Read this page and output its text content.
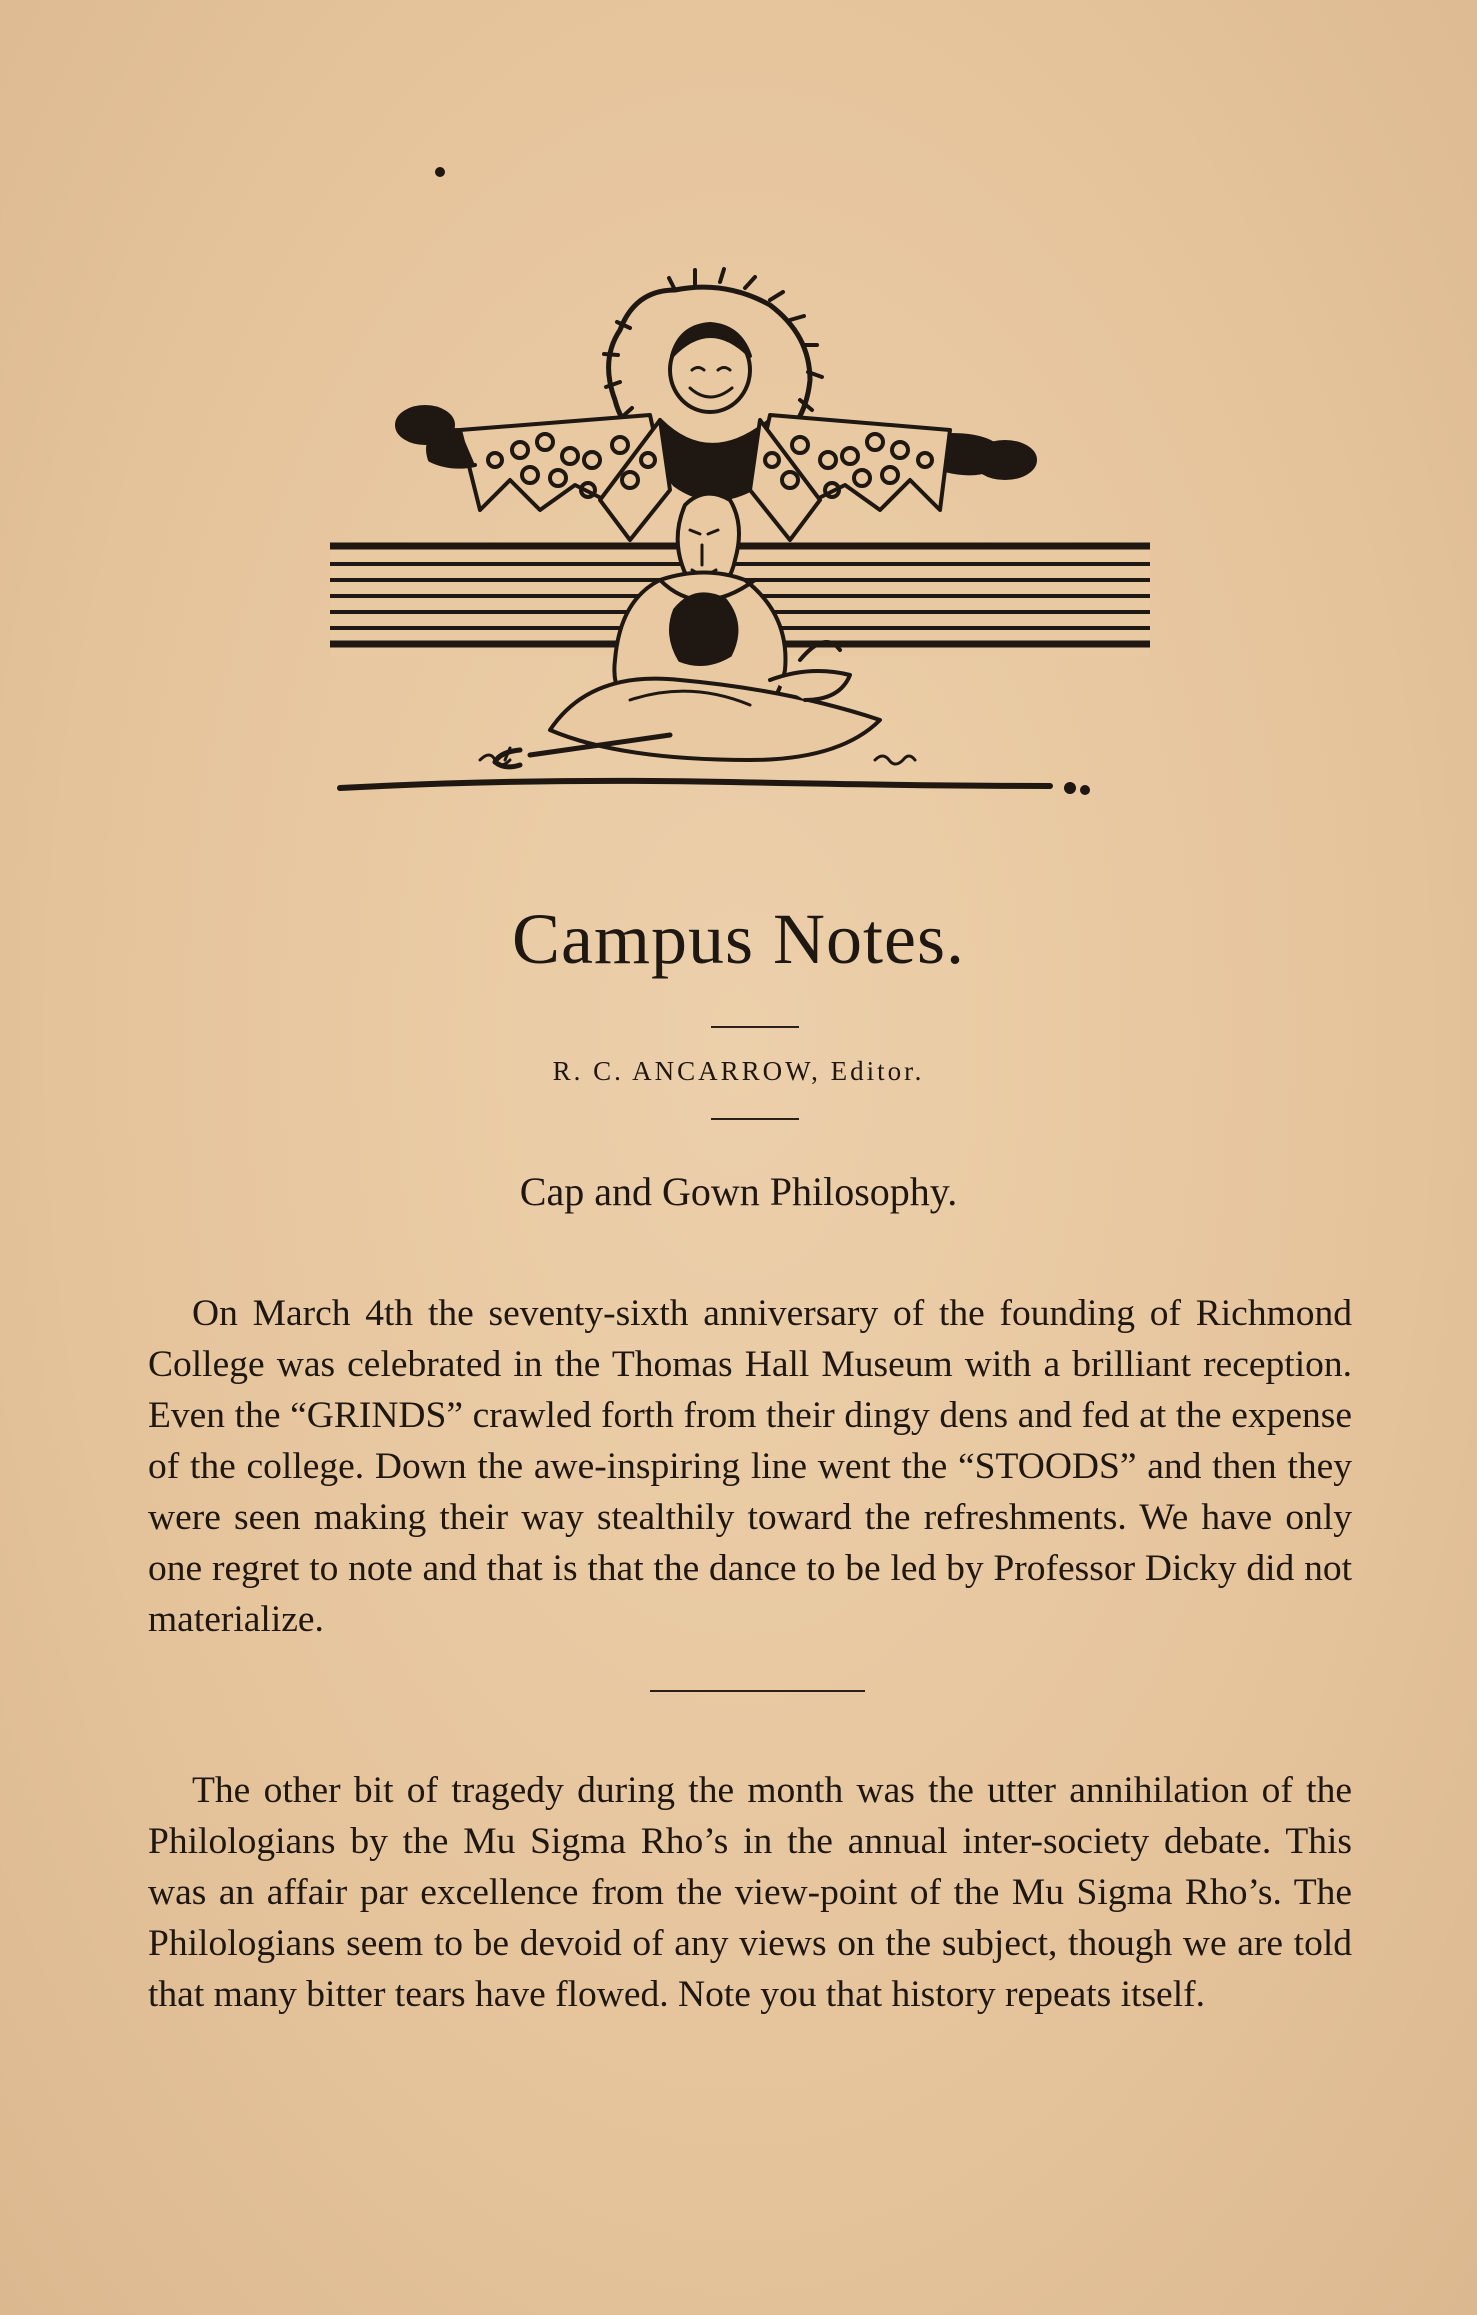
Campus Notes.
R. C. ANCARROW, Editor.
Cap and Gown Philosophy.

On March 4th the seventy-sixth anniversary of the founding of Richmond College was celebrated in the Thomas Hall Museum with a brilliant reception. Even the “GRINDS” crawled forth from their dingy dens and fed at the expense of the college. Down the awe-inspiring line went the “STOODS” and then they were seen making their way stealthily toward the refreshments. We have only one regret to note and that is that the dance to be led by Professor Dicky did not materialize.

The other bit of tragedy during the month was the utter annihilation of the Philologians by the Mu Sigma Rho’s in the annual inter-society debate. This was an affair par excellence from the view-point of the Mu Sigma Rho’s. The Philologians seem to be devoid of any views on the subject, though we are told that many bitter tears have flowed. Note you that history repeats itself.
